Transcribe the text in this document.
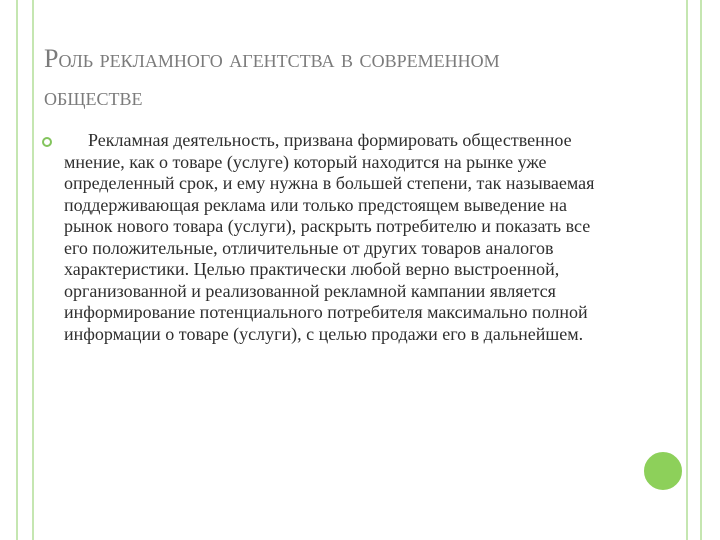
Роль рекламного агентства в современном обществе

Рекламная деятельность, призвана формировать общественное мнение, как о товаре (услуге) который находится на рынке уже определенный срок, и ему нужна в большей степени, так называемая поддерживающая реклама или только предстоящем выведение на рынок нового товара (услуги), раскрыть потребителю и показать все его положительные, отличительные от других товаров аналогов характеристики. Целью практически любой верно выстроенной, организованной и реализованной рекламной кампании является информирование потенциального потребителя максимально полной информации о товаре (услуги), с целью продажи его в дальнейшем.
